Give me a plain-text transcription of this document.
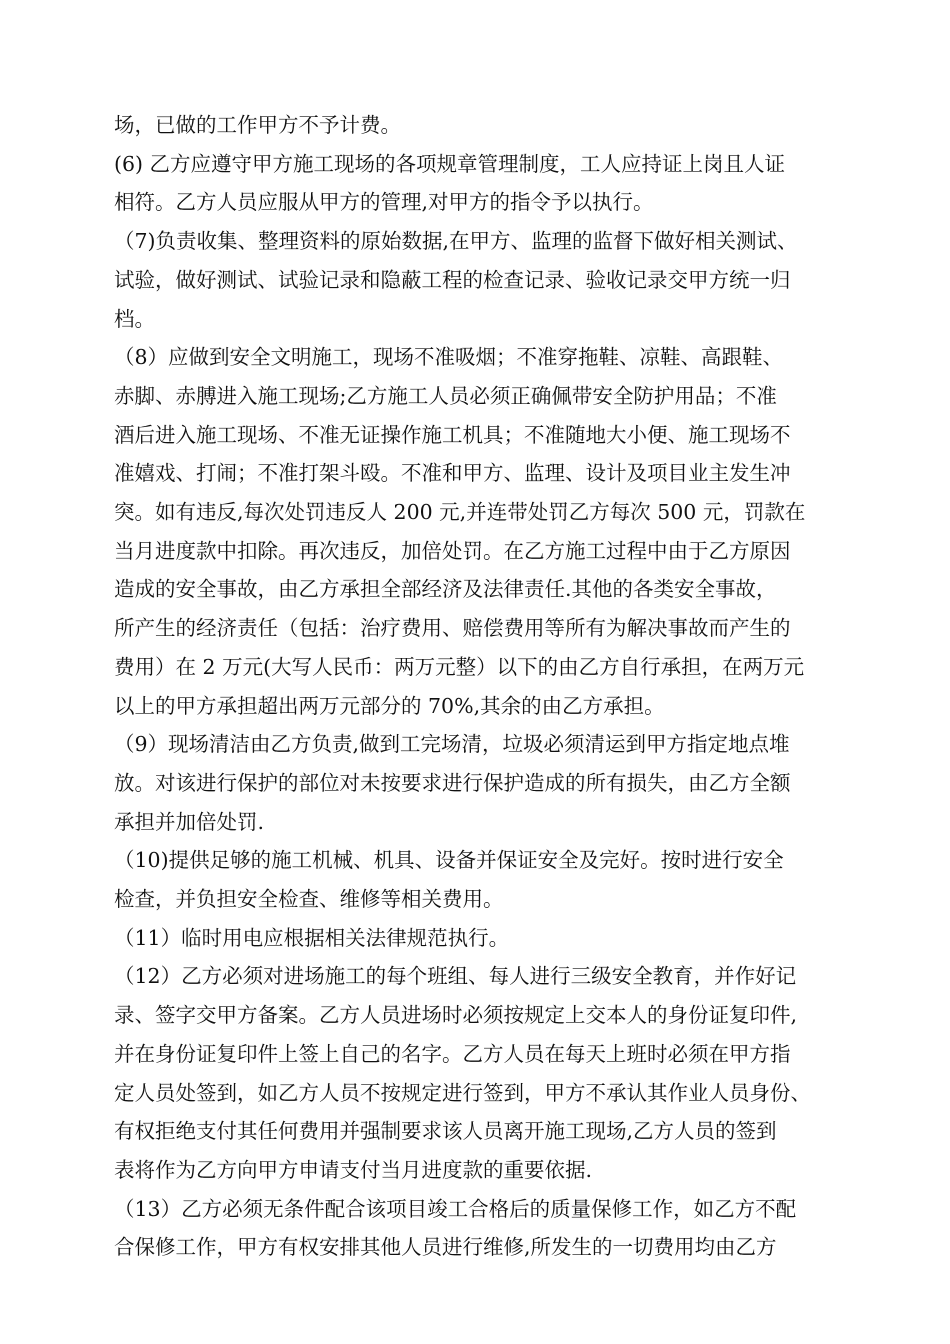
场，已做的工作甲方不予计费。

(6) 乙方应遵守甲方施工现场的各项规章管理制度，工人应持证上岗且人证
相符。乙方人员应服从甲方的管理,对甲方的指令予以执行。

（7)负责收集、整理资料的原始数据,在甲方、监理的监督下做好相关测试、
试验，做好测试、试验记录和隐蔽工程的检查记录、验收记录交甲方统一归
档。

（8）应做到安全文明施工，现场不准吸烟；不准穿拖鞋、凉鞋、高跟鞋、
赤脚、赤膊进入施工现场;乙方施工人员必须正确佩带安全防护用品；不准
酒后进入施工现场、不准无证操作施工机具；不准随地大小便、施工现场不
准嬉戏、打闹；不准打架斗殴。不准和甲方、监理、设计及项目业主发生冲
突。如有违反,每次处罚违反人 200 元,并连带处罚乙方每次 500 元，罚款在
当月进度款中扣除。再次违反，加倍处罚。在乙方施工过程中由于乙方原因
造成的安全事故，由乙方承担全部经济及法律责任.其他的各类安全事故，
所产生的经济责任（包括：治疗费用、赔偿费用等所有为解决事故而产生的
费用）在 2 万元(大写人民币：两万元整）以下的由乙方自行承担，在两万元
以上的甲方承担超出两万元部分的 70%,其余的由乙方承担。

（9）现场清洁由乙方负责,做到工完场清，垃圾必须清运到甲方指定地点堆
放。对该进行保护的部位对未按要求进行保护造成的所有损失，由乙方全额
承担并加倍处罚.

（10)提供足够的施工机械、机具、设备并保证安全及完好。按时进行安全
检查，并负担安全检查、维修等相关费用。

（11）临时用电应根据相关法律规范执行。

（12）乙方必须对进场施工的每个班组、每人进行三级安全教育，并作好记
录、签字交甲方备案。乙方人员进场时必须按规定上交本人的身份证复印件,
并在身份证复印件上签上自己的名字。乙方人员在每天上班时必须在甲方指
定人员处签到，如乙方人员不按规定进行签到，甲方不承认其作业人员身份、
有权拒绝支付其任何费用并强制要求该人员离开施工现场,乙方人员的签到
表将作为乙方向甲方申请支付当月进度款的重要依据.

（13）乙方必须无条件配合该项目竣工合格后的质量保修工作，如乙方不配
合保修工作，甲方有权安排其他人员进行维修,所发生的一切费用均由乙方
